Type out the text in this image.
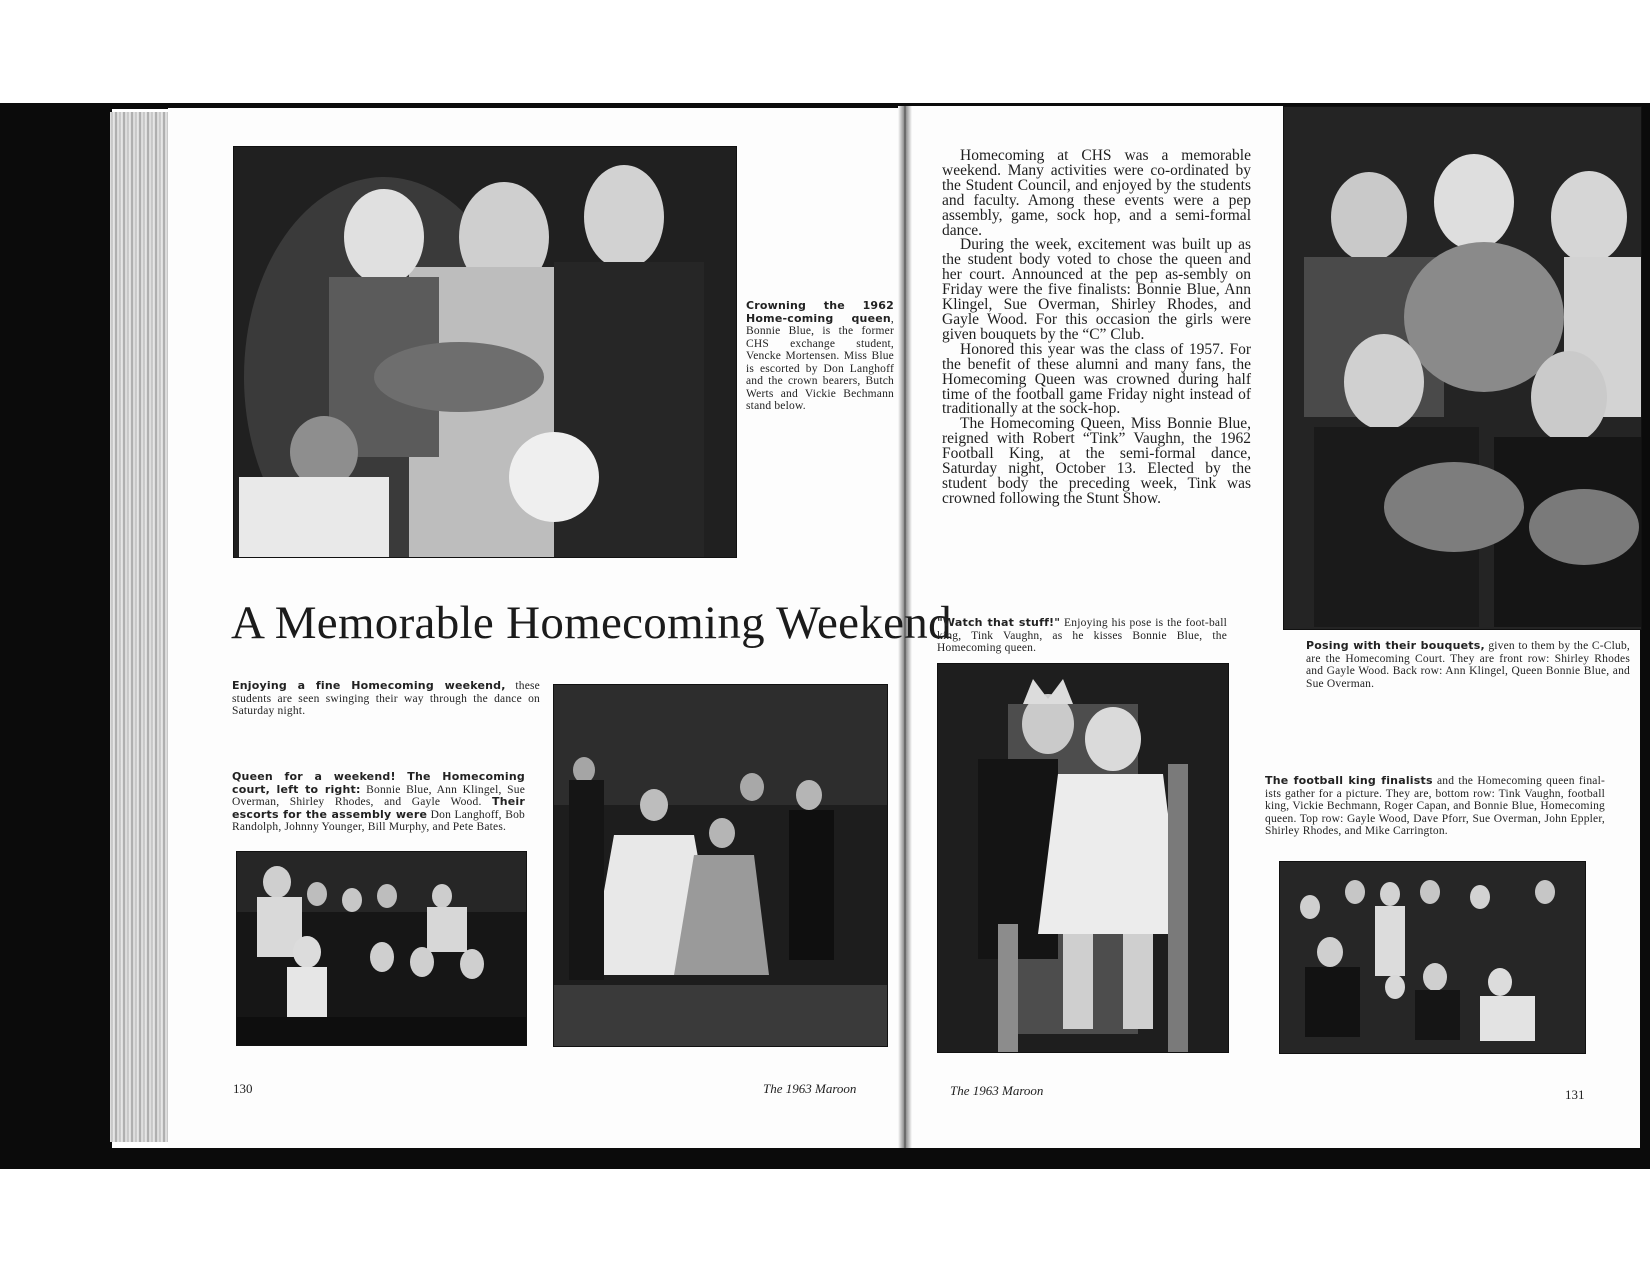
Crowning the 1962 Home-coming queen, Bonnie Blue, is the former CHS exchange student, Vencke Mortensen. Miss Blue is escorted by Don Langhoff and the crown bearers, Butch Werts and Vickie Bechmann stand below.
A Memorable Homecoming Weekend
Enjoying a fine Homecoming weekend, these students are seen swinging their way through the dance on Saturday night.
Queen for a weekend! The Homecoming court, left to right: Bonnie Blue, Ann Klingel, Sue Overman, Shirley Rhodes, and Gayle Wood. Their escorts for the assembly were Don Langhoff, Bob Randolph, Johnny Younger, Bill Murphy, and Pete Bates.
130	The 1963 Maroon

Homecoming at CHS was a memorable weekend. Many activities were co-ordinated by the Student Council, and enjoyed by the students and faculty. Among these events were a pep assembly, game, sock hop, and a semi-formal dance.

During the week, excitement was built up as the student body voted to chose the queen and her court. Announced at the pep as-sembly on Friday were the five finalists: Bonnie Blue, Ann Klingel, Sue Overman, Shirley Rhodes, and Gayle Wood. For this occasion the girls were given bouquets by the “C” Club.

Honored this year was the class of 1957. For the benefit of these alumni and many fans, the Homecoming Queen was crowned during half time of the football game Friday night instead of traditionally at the sock-hop.

The Homecoming Queen, Miss Bonnie Blue, reigned with Robert “Tink” Vaughn, the 1962 Football King, at the semi-formal dance, Saturday night, October 13. Elected by the student body the preceding week, Tink was crowned following the Stunt Show.

"Watch that stuff!" Enjoying his pose is the foot-ball king, Tink Vaughn, as he kisses Bonnie Blue, the Homecoming queen.	Posing with their bouquets, given to them by the C-Club, are the Homecoming Court. They are front row: Shirley Rhodes and Gayle Wood. Back row: Ann Klingel, Queen Bonnie Blue, and Sue Overman.
The football king finalists and the Homecoming queen final-ists gather for a picture. They are, bottom row: Tink Vaughn, football king, Vickie Bechmann, Roger Capan, and Bonnie Blue, Homecoming queen. Top row: Gayle Wood, Dave Pforr, Sue Overman, John Eppler, Shirley Rhodes, and Mike Carrington.
The 1963 Maroon	131
